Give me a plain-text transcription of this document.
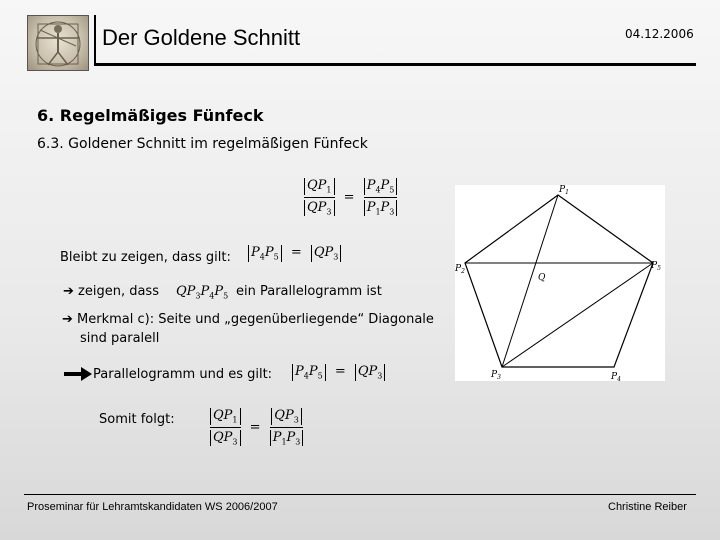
Der Goldene Schnitt	04.12.2006
6. Regelmäßiges Fünfeck
6.3. Goldener Schnitt im regelmäßigen Fünfeck
$\frac{QP_1}{QP_3} = \frac{P_4P_5}{P_1P_3}$
Bleibt zu zeigen, dass gilt: $P_4P_5 = QP_3$
➔ zeigen, dass $QP_3P_4P_5$ ein Parallelogramm ist
➔ Merkmal c): Seite und „gegenüberliegende“ Diagonale
sind paralell
Parallelogramm und es gilt: $P_4P_5 = QP_3$
Somit folgt:	$\frac{QP_1}{QP_3} = \frac{QP_3}{P_1P_3}$
$P_1$
$P_2$
$P_3$	$P_4$
$P_5$
Q
Proseminar für Lehramtskandidaten WS 2006/2007	Christine Reiber
